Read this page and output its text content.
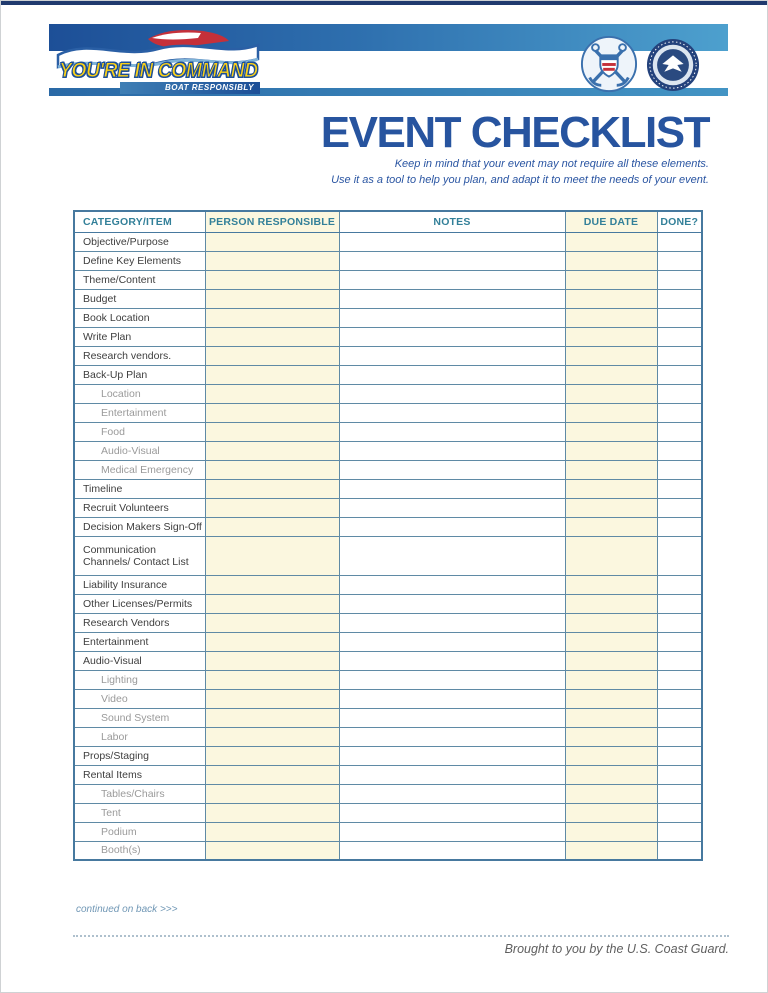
YOU'RE IN COMMAND
BOAT RESPONSIBLY
EVENT CHECKLIST
Keep in mind that your event may not require all these elements.
Use it as a tool to help you plan, and adapt it to meet the needs of your event.
CATEGORY/ITEM	PERSON RESPONSIBLE	NOTES	DUE DATE	DONE?
Objective/Purpose				
Define Key Elements				
Theme/Content				
Budget				
Book Location				
Write Plan				
Research vendors.				
Back-Up Plan				
Location				
Entertainment				
Food				
Audio-Visual				
Medical Emergency				
Timeline				
Recruit Volunteers				
Decision Makers Sign-Off				
Communication Channels/ Contact List				
Liability Insurance				
Other Licenses/Permits				
Research Vendors				
Entertainment				
Audio-Visual				
Lighting				
Video				
Sound System				
Labor				
Props/Staging				
Rental Items				
Tables/Chairs				
Tent				
Podium				
Booth(s)				
continued on back >>>
Brought to you by the U.S. Coast Guard.
